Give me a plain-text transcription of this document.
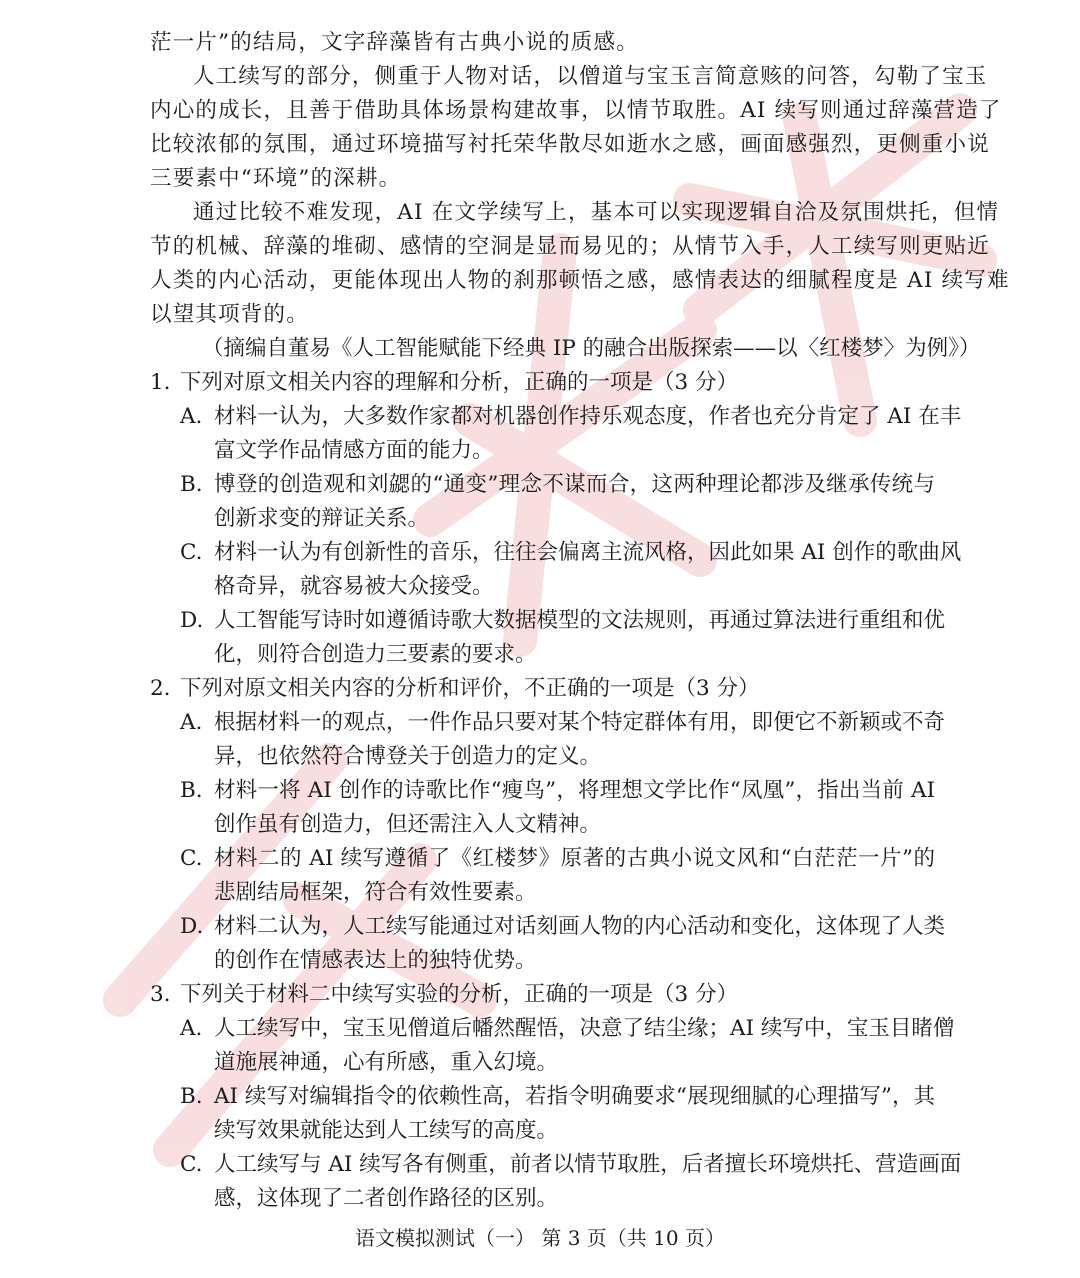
茫一片”的结局，文字辞藻皆有古典小说的质感。
人工续写的部分，侧重于人物对话，以僧道与宝玉言简意赅的问答，勾勒了宝玉
内心的成长，且善于借助具体场景构建故事，以情节取胜。AI 续写则通过辞藻营造了
比较浓郁的氛围，通过环境描写衬托荣华散尽如逝水之感，画面感强烈，更侧重小说
三要素中“环境”的深耕。
通过比较不难发现，AI 在文学续写上，基本可以实现逻辑自洽及氛围烘托，但情
节的机械、辞藻的堆砌、感情的空洞是显而易见的；从情节入手，人工续写则更贴近
人类的内心活动，更能体现出人物的刹那顿悟之感，感情表达的细腻程度是 AI 续写难
以望其项背的。
（摘编自董易《人工智能赋能下经典 IP 的融合出版探索——以〈红楼梦〉为例》）
1. 下列对原文相关内容的理解和分析，正确的一项是（3 分）
A. 材料一认为，大多数作家都对机器创作持乐观态度，作者也充分肯定了 AI 在丰
富文学作品情感方面的能力。
B. 博登的创造观和刘勰的“通变”理念不谋而合，这两种理论都涉及继承传统与
创新求变的辩证关系。
C. 材料一认为有创新性的音乐，往往会偏离主流风格，因此如果 AI 创作的歌曲风
格奇异，就容易被大众接受。
D. 人工智能写诗时如遵循诗歌大数据模型的文法规则，再通过算法进行重组和优
化，则符合创造力三要素的要求。
2. 下列对原文相关内容的分析和评价，不正确的一项是（3 分）
A. 根据材料一的观点，一件作品只要对某个特定群体有用，即便它不新颖或不奇
异，也依然符合博登关于创造力的定义。
B. 材料一将 AI 创作的诗歌比作“瘦鸟”，将理想文学比作“凤凰”，指出当前 AI
创作虽有创造力，但还需注入人文精神。
C. 材料二的 AI 续写遵循了《红楼梦》原著的古典小说文风和“白茫茫一片”的
悲剧结局框架，符合有效性要素。
D. 材料二认为，人工续写能通过对话刻画人物的内心活动和变化，这体现了人类
的创作在情感表达上的独特优势。
3. 下列关于材料二中续写实验的分析，正确的一项是（3 分）
A. 人工续写中，宝玉见僧道后幡然醒悟，决意了结尘缘；AI 续写中，宝玉目睹僧
道施展神通，心有所感，重入幻境。
B. AI 续写对编辑指令的依赖性高，若指令明确要求“展现细腻的心理描写”，其
续写效果就能达到人工续写的高度。
C. 人工续写与 AI 续写各有侧重，前者以情节取胜，后者擅长环境烘托、营造画面
感，这体现了二者创作路径的区别。
语文模拟测试（一） 第 3 页（共 10 页）
